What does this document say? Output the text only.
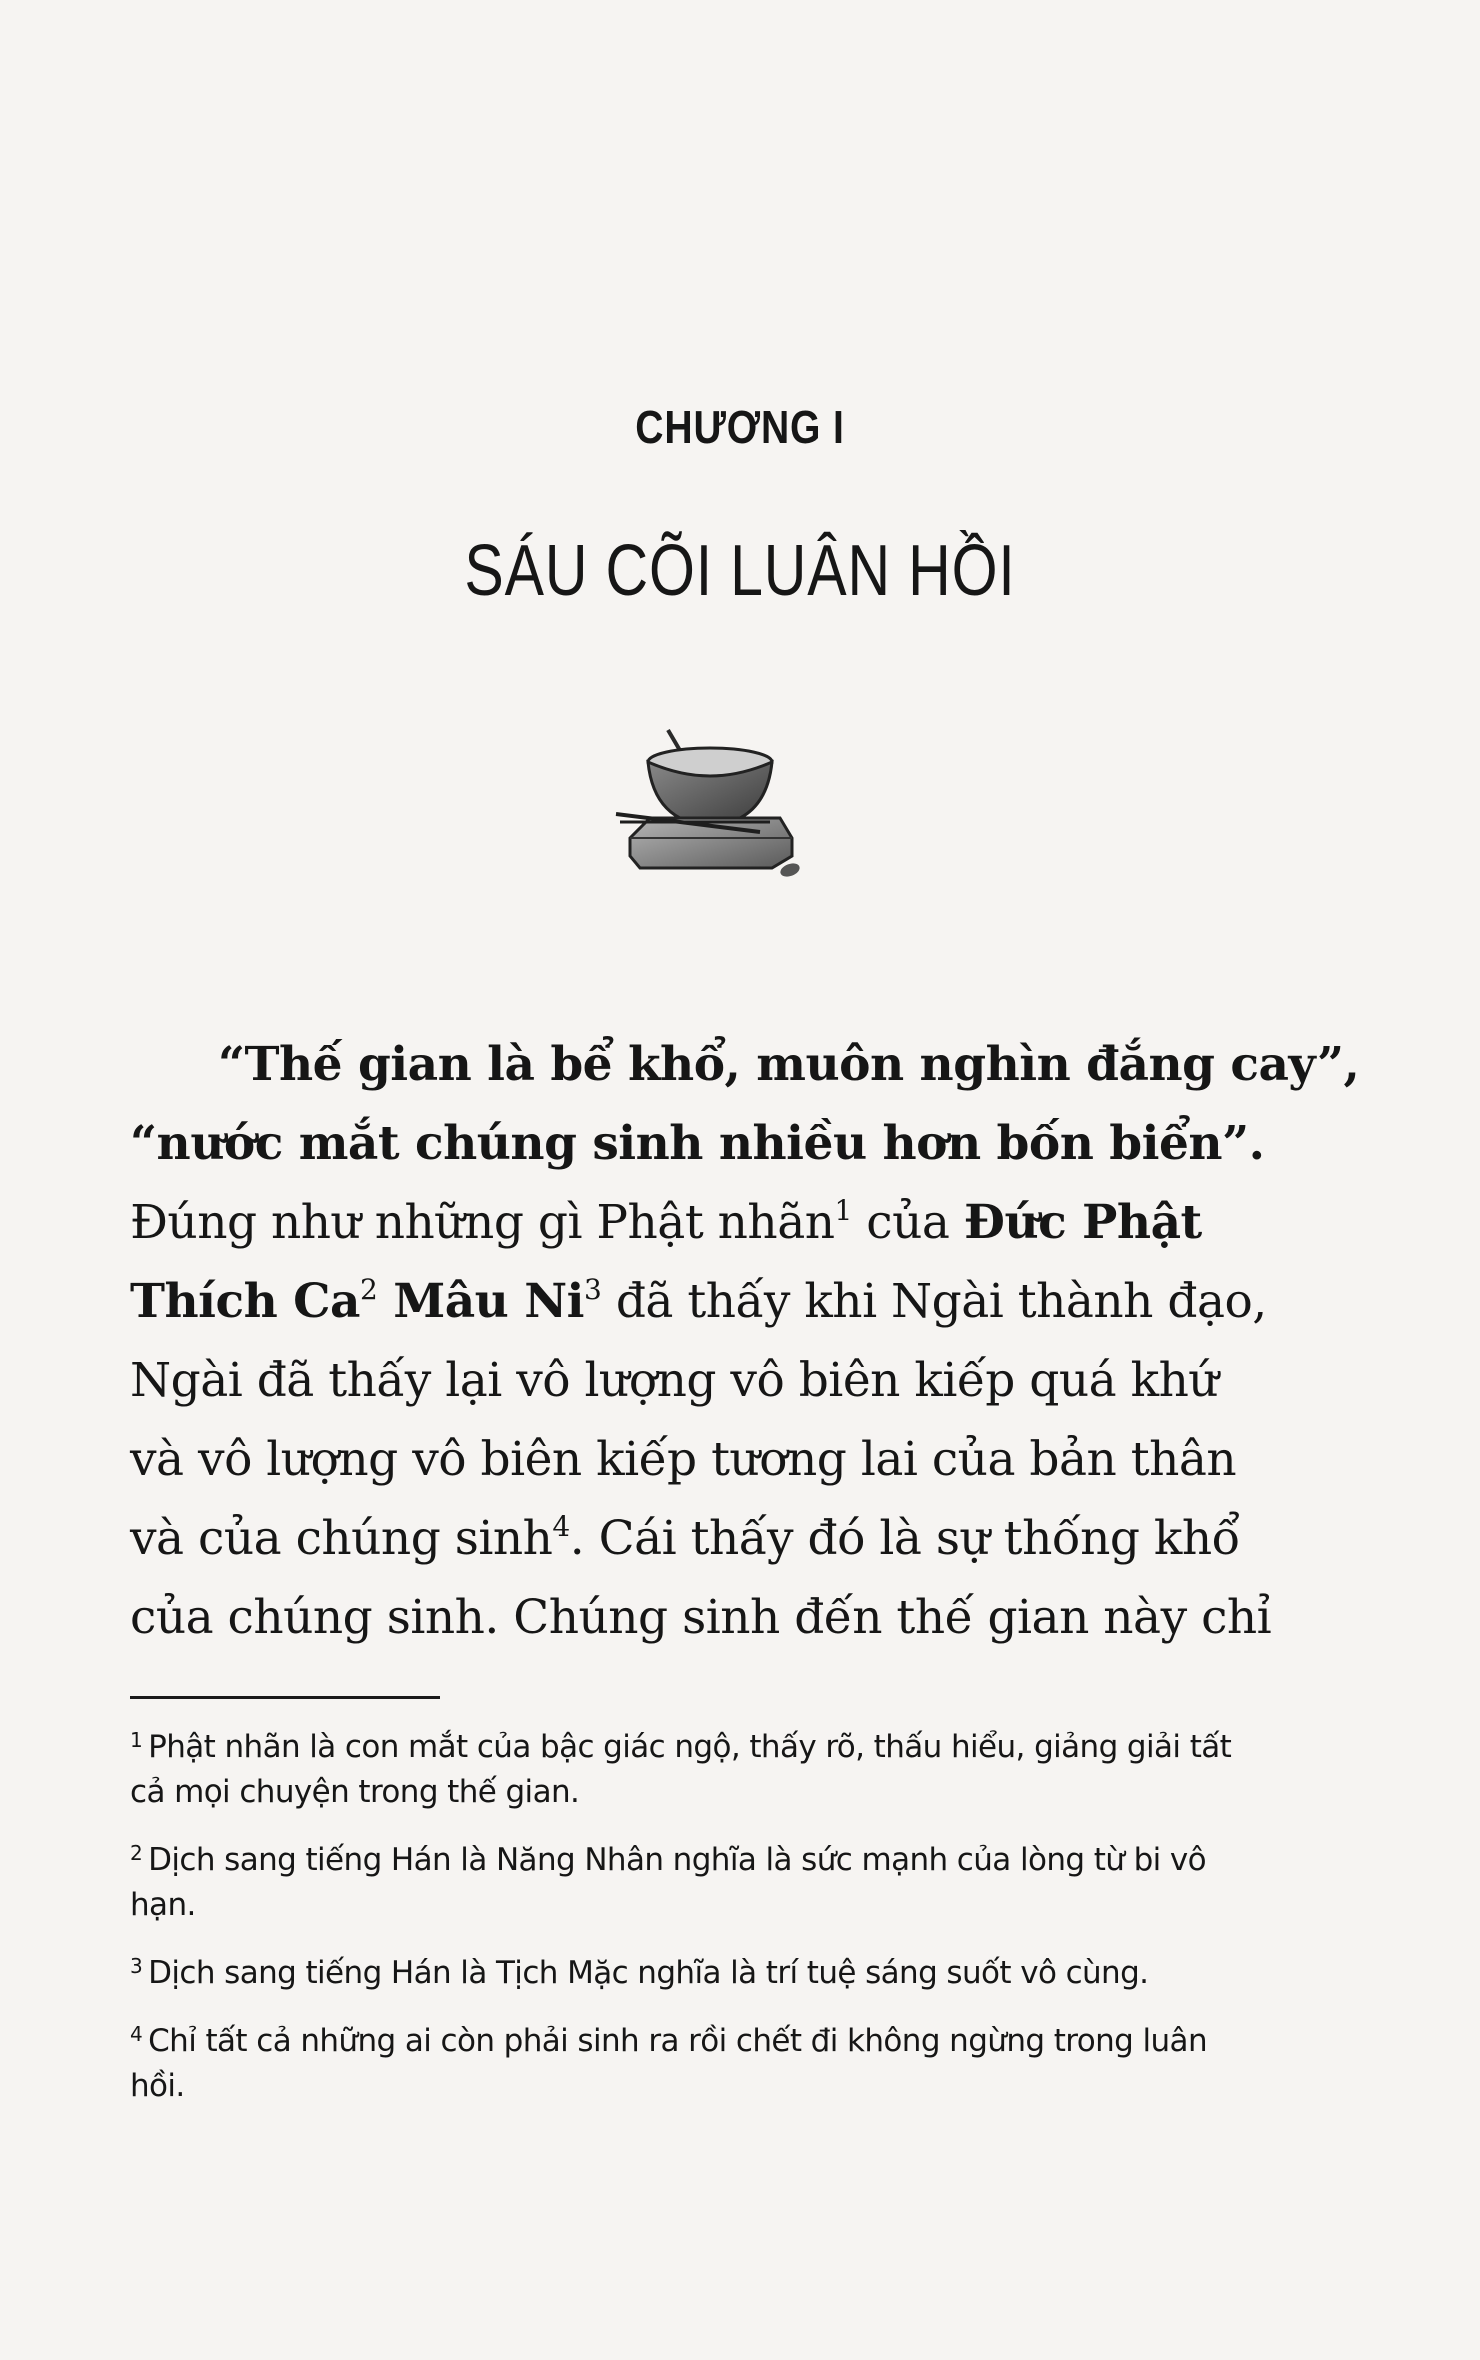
CHƯƠNG I
SÁU CÕI LUÂN HỒI
“Thế gian là bể khổ, muôn nghìn đắng cay”,
“nước mắt chúng sinh nhiều hơn bốn biển”.
Đúng như những gì Phật nhãn$^1$ của Đức Phật
Thích Ca$^2$ Mâu Ni$^3$ đã thấy khi Ngài thành đạo,
Ngài đã thấy lại vô lượng vô biên kiếp quá khứ
và vô lượng vô biên kiếp tương lai của bản thân
và của chúng $\sinh^4$. Cái thấy đó là sự thống khổ
của chúng sinh. Chúng sinh đến thế gian này chỉ
$^1$ Phật nhãn là con mắt của bậc giác ngộ, thấy rõ, thấu hiểu, giảng giải tất cả mọi chuyện trong thế gian.
$^2$ Dịch sang tiếng Hán là Năng Nhân nghĩa là sức mạnh của lòng từ bi vô hạn.
$^3$ Dịch sang tiếng Hán là Tịch Mặc nghĩa là trí tuệ sáng suốt vô cùng.
$^4$ Chỉ tất cả những ai còn phải sinh ra rồi chết đi không ngừng trong luân hồi.
